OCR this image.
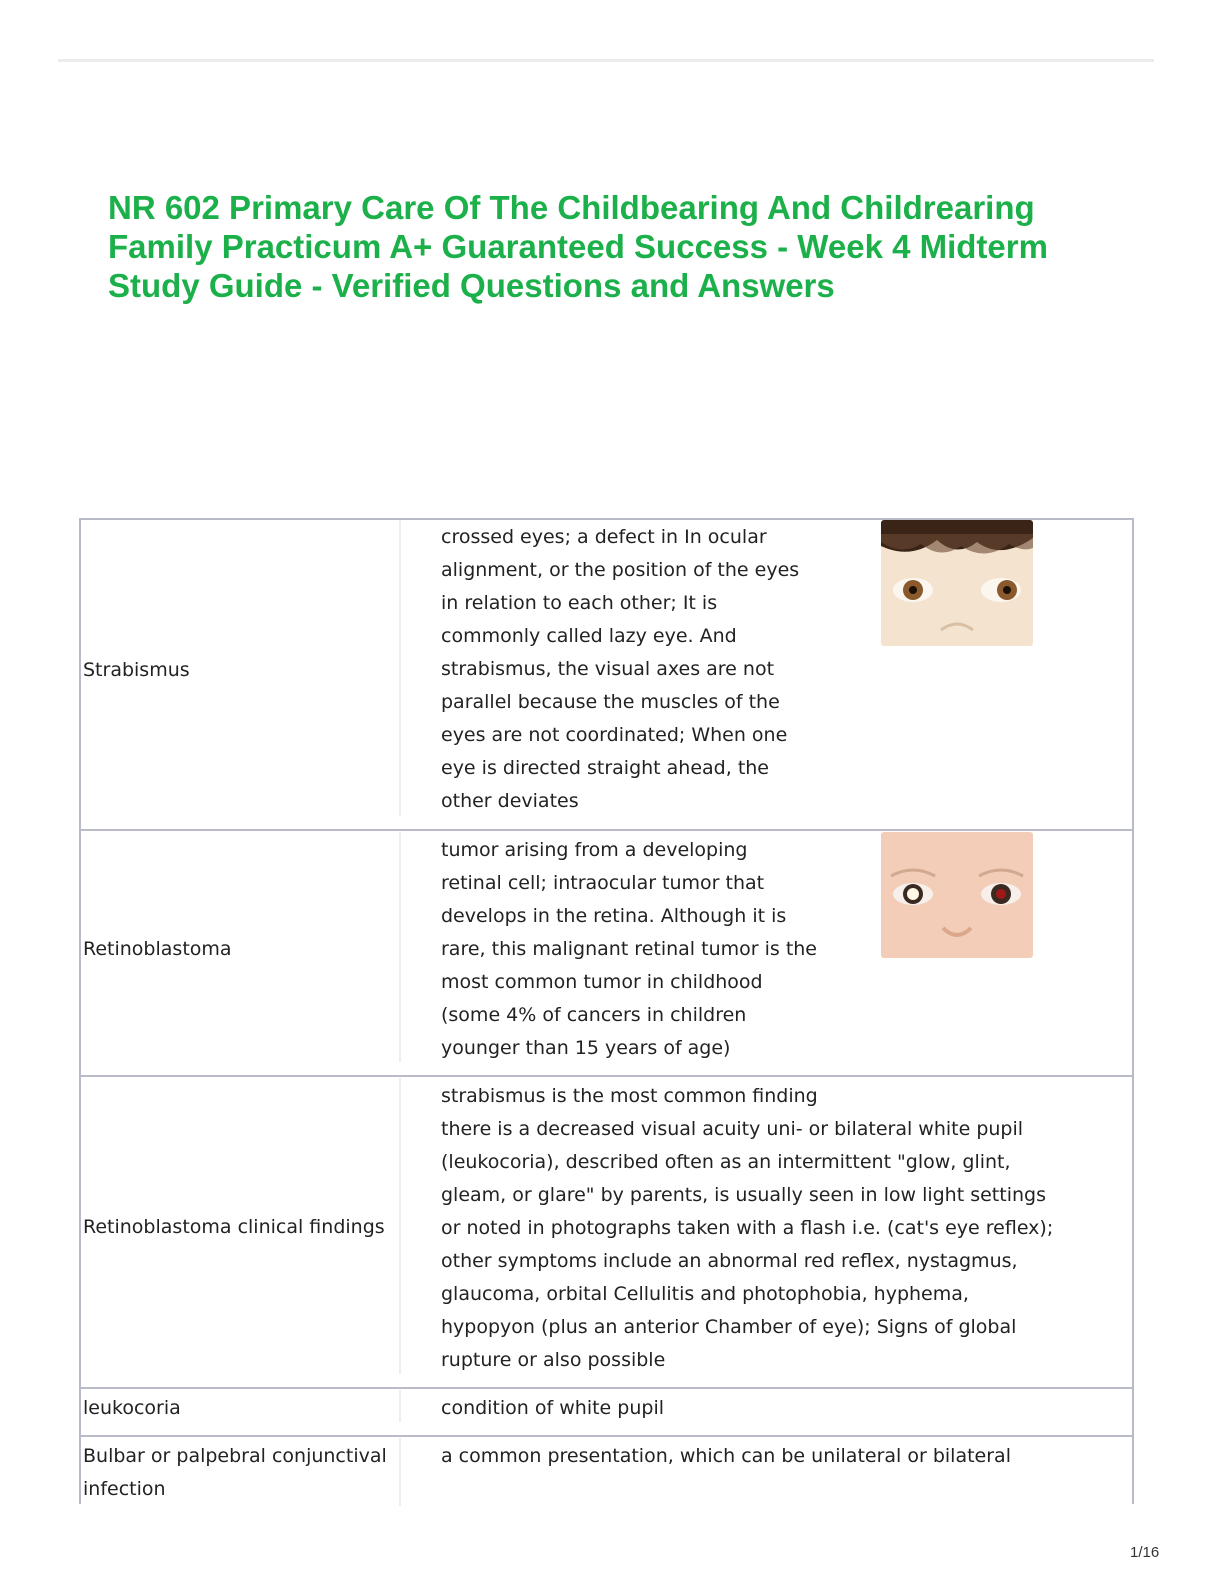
NR 602 Primary Care Of The Childbearing And Childrearing Family Practicum A+ Guaranteed Success - Week 4 Midterm Study Guide - Verified Questions and Answers
Strabismus
crossed eyes; a defect in In ocular
alignment, or the position of the eyes
in relation to each other; It is
commonly called lazy eye. And
strabismus, the visual axes are not
parallel because the muscles of the
eyes are not coordinated; When one
eye is directed straight ahead, the
other deviates
Retinoblastoma
tumor arising from a developing
retinal cell; intraocular tumor that
develops in the retina. Although it is
rare, this malignant retinal tumor is the
most common tumor in childhood
(some 4% of cancers in children
younger than 15 years of age)
Retinoblastoma clinical findings
strabismus is the most common finding
there is a decreased visual acuity uni- or bilateral white pupil
(leukocoria), described often as an intermittent "glow, glint,
gleam, or glare" by parents, is usually seen in low light settings
or noted in photographs taken with a flash i.e. (cat's eye reflex);
other symptoms include an abnormal red reflex, nystagmus,
glaucoma, orbital Cellulitis and photophobia, hyphema,
hypopyon (plus an anterior Chamber of eye); Signs of global
rupture or also possible
leukocoria	condition of white pupil
Bulbar or palpebral conjunctival
infection
a common presentation, which can be unilateral or bilateral
1/16
